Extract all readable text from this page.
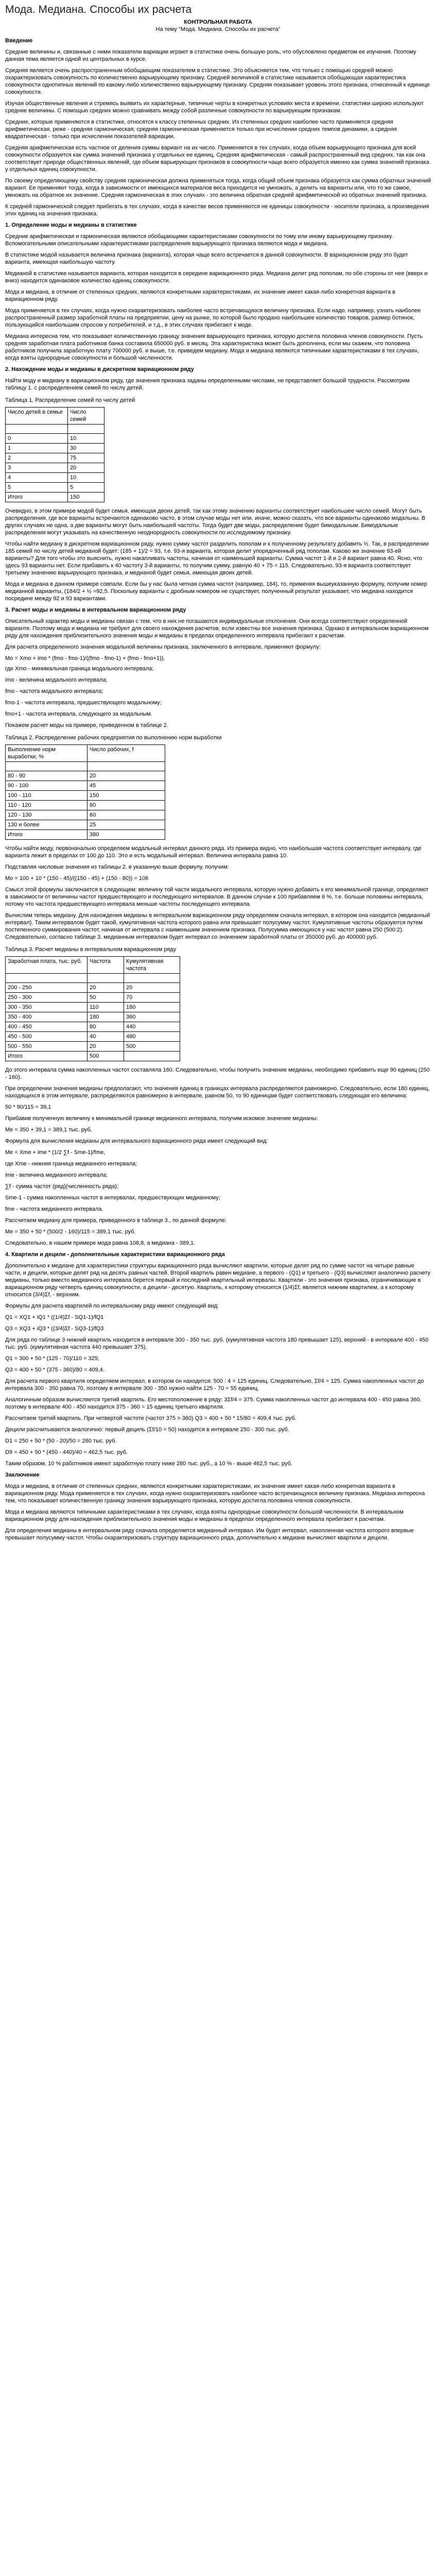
Мода. Медиана. Способы их расчета
КОНТРОЛЬНАЯ РАБОТА
На тему "Мода. Медиана. Способы их расчета"
Введение

Средние величины и, связанные с ними показатели вариации играют в статистике очень большую роль, что обусловлено предметом ее изучения. Поэтому данная тема является одной из центральных в курсе.

Средняя является очень распространенным обобщающим показателем в статистике. Это объясняется тем, что только с помощью средней можно охарактеризовать совокупность по количественно варьирующему признаку. Средней величиной в статистике называется обобщающая характеристика совокупности однотипных явлений по какому-либо количественно варьирующему признаку. Средняя показывает уровень этого признака, отнесенный к единице совокупности.

Изучая общественные явления и стремясь выявить их характерные, типичные черты в конкретных условиях места и времени, статистики широко используют средние величины. С помощью средних можно сравнивать между собой различные совокупности по варьирующим признакам.

Средние, которые применяются в статистике, относятся к классу степенных средних. Из степенных средних наиболее часто применяется средняя арифметическая, реже - средняя гармоническая; средняя гармоническая применяется только при исчислении средних темпов динамики, а средняя квадратическая - только при исчислении показателей вариации.

Средняя арифметическая есть частное от деления суммы вариант на их число. Применяется в тех случаях, когда объем варьирующего признака для всей совокупности образуется как сумма значений признака у отдельных ее единиц. Средняя арифметическая - самый распространенный вид средних, так как она соответствует природе общественных явлений, где объем варьирующих признаков в совокупности чаще всего образуется именно как сумма значений признака у отдельных единиц совокупности.

По своему определяющему свойству средняя гармоническая должна применяться тогда, когда общий объем признака образуется как сумма обратных значений вариант. Ее применяют тогда, когда в зависимости от имеющихся материалов веса приходится не умножать, а делить на варианты или, что то же самое, умножать на обратное их значение. Средняя гармоническая в этих случаях - это величина обратная средней арифметической из обратных значений признака.

К средней гармонической следует прибегать в тех случаях, когда в качестве весов применяются не единицы совокупности - носители признака, а произведения этих единиц на значения признака.

1. Определение моды и медианы в статистике

Средние арифметическая и гармоническая являются обобщающими характеристиками совокупности по тому или иному варьирующему признаку. Вспомогательными описательными характеристиками распределения варьирующего признака являются мода и медиана.

В статистике модой называется величина признака (варианта), которая чаще всего встречается в данной совокупности. В вариационном ряду это будет варианта, имеющая наибольшую частоту.

Медианой в статистике называется варианта, которая находится в середине вариационного ряда. Медиана делит ряд пополам, по обе стороны от нее (вверх и вниз) находится одинаковое количество единиц совокупности.

Мода и медиана, в отличие от степенных средних, являются конкретными характеристиками, их значение имеет какая-либо конкретная варианта в вариационном ряду.

Мода применяется в тех случаях, когда нужно охарактеризовать наиболее часто встречающуюся величину признака. Если надо, например, узнать наиболее распространенный размер заработной платы на предприятии, цену на рынке, по которой было продано наибольшее количество товаров, размер ботинок, пользующийся наибольшим спросом у потребителей, и т.д., в этих случаях прибегают к моде.

Медиана интересна тем, что показывает количественную границу значения варьирующего признака, которую достигла половина членов совокупности. Пусть средняя заработная плата работников банка составила 650000 руб. в месяц. Эта характеристика может быть дополнена, если мы скажем, что половина работников получила заработную плату 700000 руб. и выше, т.е. приведем медиану. Мода и медиана являются типичными характеристиками в тех случаях, когда взяты однородные совокупности и большой численности.

2. Нахождение моды и медианы в дискретном вариационном ряду

Найти моду и медиану в вариационном ряду, где значения признака заданы определенными числами, не представляет большой трудности. Рассмотрим таблицу 1. с распределением семей по числу детей.

Таблица 1. Распределение семей по числу детей
Число детей в семье	Число семей

0	10
1	30
2	75
3	20
4	10
5	5
Итого	150

Очевидно, в этом примере модой будет семья, имеющая двоих детей, так как этому значению варианты соответствует наибольшее число семей. Могут быть распределения, где все варианты встречаются одинаково часто, в этом случае моды нет или, иначе, можно сказать, что все варианты одинаково модальны. В других случаях не одна, а две варианты могут быть наибольшей частоты. Тогда будет две моды, распределение будет бимодальным. Бимодальные распределения могут указывать на качественную неоднородность совокупности по исследуемому признаку.

Чтобы найти медиану в дискретном вариационном ряду, нужно сумму частот разделить пополам и к полученному результату добавить ½. Так, в распределении 185 семей по числу детей медианой будет: (185 + 1)/2 = 93, т.е. 93-я варианта, которая делит упорядоченный ряд пополам. Каково же значение 93-ей варианты? Для того чтобы это выяснить, нужно накапливать частоты, начиная от наименьшей варианты. Сумма частот 1-й и 2-й вариант равна 40. Ясно, что здесь 93 варианты нет. Если прибавить к 40 частоту 3-й варианты, то получим сумму, равную 40 + 75 = 115. Следовательно, 93-я варианта соответствует третьему значению варьирующего признака, и медианой будет семья, имеющая двоих детей.

Мода и медиана в данном примере совпали. Если бы у нас была четная сумма частот (например, 184), то, применяя вышеуказанную формулу, получим номер медианной варианты, (184/2 + ½ =92,5. Поскольку варианты с дробным номером не существует, полученный результат указывает, что медиана находится посредине между 92 и 93 вариантами.

3. Расчет моды и медианы в интервальном вариационном ряду

Описательный характер моды и медианы связан с тем, что в них не погашаются индивидуальные отклонения. Они всегда соответствуют определенной варианте. Поэтому мода и медиана не требуют для своего нахождения расчетов, если известны все значения признака. Однако в интервальном вариационном ряду для нахождения приблизительного значения моды и медианы в пределах определенного интервала прибегают к расчетам.

Для расчета определенного значения модальной величины признака, заключенного в интервале, применяют формулу:

Mo = Xmo + imo * (fmo - fmo-1)/((fmo - fmo-1) + (fmo - fmo+1)),

где Xmo - минимальная граница модального интервала;

imo - величина модального интервала;

fmo - частота модального интервала;

fmo-1 - частота интервала, предшествующего модальному;

fmo+1 - частота интервала, следующего за модальным.

Покажем расчет моды на примере, приведенном в таблице 2.

Таблица 2. Распределение рабочих предприятия по выполнению норм выработки
Выполнение норм выработки, %	Число рабочих, f

80 - 90	20
90 - 100	45
100 - 110	150
110 - 120	80
120 - 130	60
130 и более	25
Итого	380

Чтобы найти моду, первоначально определяем модальный интервал данного ряда. Из примера видно, что наибольшая частота соответствует интервалу, где варианта лежит в пределах от 100 до 110. Это и есть модальный интервал. Величина интервала равна 10.

Подставляя числовые значения из таблицы 2. в указанную выше формулу, получим:

Mo = 100 + 10 * (150 - 45)/((150 - 45) + (150 - 80)) = 106

Смысл этой формулы заключается в следующем: величину той части модального интервала, которую нужно добавить к его минимальной границе, определяют в зависимости от величины частот предшествующего и последующего интервалов. В данном случае к 100 прибавляем 6 %, т.е. больше половины интервала, потому что частота предшествующего интервала меньше частоты последующего интервала.

Вычислим теперь медиану. Для нахождения медианы в интервальном вариационном ряду определяем сначала интервал, в котором она находится (медианный интервал). Таким интервалом будет такой, кумулятивная частота которого равна или превышает полусумму частот. Кумулятивные частоты образуются путем постепенного суммирования частот, начиная от интервала с наименьшим значением признака. Полусумма имеющихся у нас частот равна 250 (500:2). Следовательно, согласно таблице 3. медианным интервалом будет интервал со значением заработной платы от 350000 руб. до 400000 руб.

Таблица 3. Расчет медианы в интервальном вариационном ряду
Заработная плата, тыс. руб.	Частота	Кумулятивная частота

200 - 250	20	20
250 - 300	50	70
300 - 350	110	180
350 - 400	180	360
400 - 450	80	440
450 - 500	40	480
500 - 550	20	500
Итого	500	

До этого интервала сумма накопленных частот составляла 160. Следовательно, чтобы получить значение медианы, необходимо прибавить еще 90 единиц (250 - 160).

При определении значения медианы предполагают, что значения единиц в границах интервала распределяются равномерно. Следовательно, если 180 единиц, находящихся в этом интервале, распределяются равномерно в интервале, равном 50, то 90 единицам будет соответствовать следующая его величина:

50 * 90/115 = 39,1

Прибавив полученную величину к минимальной границе медианного интервала, получим искомое значение медианы:

Me = 350 + 39,1 = 389,1 тыс. руб.

Формула для вычисления медианы для интервального вариационного ряда имеет следующий вид:

Me = Xme + ime * (1/2 ∑f - Sme-1)/fme,

где Xme - нижняя граница медианного интервала;

ime - величина медианного интервала;

∑f - сумма частот (ряд)(численность ряда);

Sme-1 - сумма накопленных частот в интервалах, предшествующих медианному;

fme - частота медианного интервала.

Рассчитаем медиану для примера, приведенного в таблице 3., по данной формуле:

Me = 350 + 50 * (500/2 - 160)/115 = 389,1 тыс. руб.

Следовательно, в нашем примере мода равна 108,8, а медиана - 389,1.

4. Квартили и децили - дополнительные характеристики вариационного ряда

Дополнительно к медиане для характеристики структуры вариационного ряда вычисляют квартили, которые делят ряд по сумме частот на четыре равные части, и децили, которые делят ряд на десять равных частей. Второй квартиль равен медиане, а первого - (Q1) и третьего - (Q3) вычисляют аналогично расчету медианы, только вместо медианного интервала берется первый и последний квартильный интервалы. Квартили - это значения признака, ограничивающие в вариационном ряду четверть единиц совокупности, а децили - десятую. Квартиль, к которому относится (1/4)Σf, является нижним квартилем, а к которому относится (3/4)Σf, - верхним.

Формулы для расчета квартилей по интервальному ряду имеют следующий вид:

Q1 = XQ1 + iQ1 * ((1/4)Σf - SQ1-1)/fQ1

Q3 = XQ3 + iQ3 * ((3/4)Σf - SQ3-1)/fQ3

Для ряда по таблице 3 нижний квартиль находится в интервале 300 - 350 тыс. руб. (кумулятивная частота 180 превышает 125), верхний - в интервале 400 - 450 тыс. руб. (кумулятивная частота 440 превышает 375).

Q1 = 300 + 50 * (125 - 70)/110 = 325;

Q3 = 400 + 50 * (375 - 360)/80 = 409,4.

Для расчета первого квартиля определяем интервал, в котором он находится: 500 : 4 = 125 единиц. Следовательно, Σf/4 = 125. Сумма накопленных частот до интервала 300 - 350 равна 70, поэтому в интервале 300 - 350 нужно найти 125 - 70 = 55 единиц.

Аналогичным образом вычисляется третий квартиль. Его местоположение в ряду: 3Σf/4 = 375. Сумма накопленных частот до интервала 400 - 450 равна 360, поэтому в интервале 400 - 450 находится 375 - 360 = 15 единиц третьего квартиля.

Рассчитаем третий квартиль. При четвертой частоте (частот 375 > 360) Q3 = 400 + 50 * 15/80 = 409,4 тыс. руб.

Децили рассчитываются аналогично: первый дециль (Σf/10 = 50) находится в интервале 250 - 300 тыс. руб.

D1 = 250 + 50 * (50 - 20)/50 = 280 тыс. руб.

D9 = 450 + 50 * (450 - 440)/40 = 462,5 тыс. руб.

Таким образом, 10 % работников имеют заработную плату ниже 280 тыс. руб., а 10 % - выше 462,5 тыс. руб.

Заключение

Мода и медиана, в отличие от степенных средних, являются конкретными характеристиками, их значение имеет какая-либо конкретная варианта в вариационном ряду. Мода применяется в тех случаях, когда нужно охарактеризовать наиболее часто встречающуюся величину признака. Медиана интересна тем, что показывает количественную границу значения варьирующего признака, которую достигла половина членов совокупности.

Мода и медиана являются типичными характеристиками в тех случаях, когда взяты однородные совокупности большой численности. В интервальном вариационном ряду для нахождения приблизительного значения моды и медианы в пределах определенного интервала прибегают к расчетам.

Для определения медианы в интервальном ряду сначала определяется медианный интервал. Им будет интервал, накопленная частота которого впервые превышает полусумму частот. Чтобы охарактеризовать структуру вариационного ряда, дополнительно к медиане вычисляют квартили и децили.
